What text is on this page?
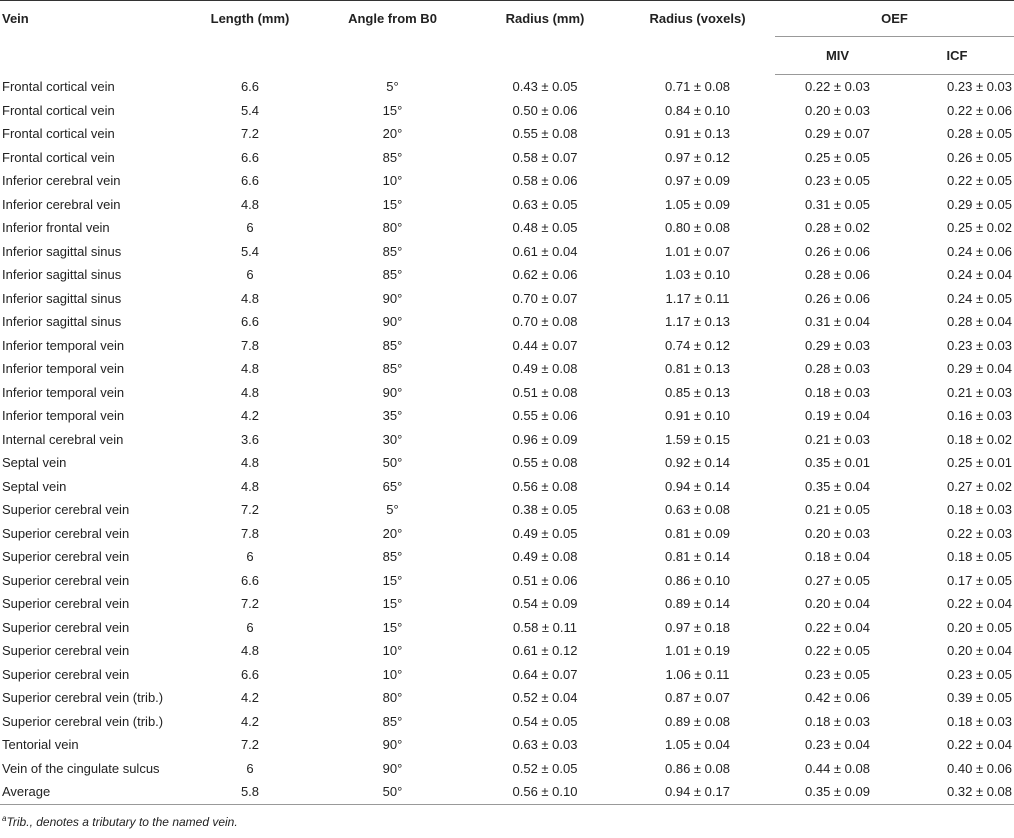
Vein	Length (mm)	Angle from B0	Radius (mm)	Radius (voxels)	OEF	
					MIV	ICF
Frontal cortical vein	6.6	5°	0.43 ± 0.05	0.71 ± 0.08	0.22 ± 0.03	0.23 ± 0.03
Frontal cortical vein	5.4	15°	0.50 ± 0.06	0.84 ± 0.10	0.20 ± 0.03	0.22 ± 0.06
Frontal cortical vein	7.2	20°	0.55 ± 0.08	0.91 ± 0.13	0.29 ± 0.07	0.28 ± 0.05
Frontal cortical vein	6.6	85°	0.58 ± 0.07	0.97 ± 0.12	0.25 ± 0.05	0.26 ± 0.05
Inferior cerebral vein	6.6	10°	0.58 ± 0.06	0.97 ± 0.09	0.23 ± 0.05	0.22 ± 0.05
Inferior cerebral vein	4.8	15°	0.63 ± 0.05	1.05 ± 0.09	0.31 ± 0.05	0.29 ± 0.05
Inferior frontal vein	6	80°	0.48 ± 0.05	0.80 ± 0.08	0.28 ± 0.02	0.25 ± 0.02
Inferior sagittal sinus	5.4	85°	0.61 ± 0.04	1.01 ± 0.07	0.26 ± 0.06	0.24 ± 0.06
Inferior sagittal sinus	6	85°	0.62 ± 0.06	1.03 ± 0.10	0.28 ± 0.06	0.24 ± 0.04
Inferior sagittal sinus	4.8	90°	0.70 ± 0.07	1.17 ± 0.11	0.26 ± 0.06	0.24 ± 0.05
Inferior sagittal sinus	6.6	90°	0.70 ± 0.08	1.17 ± 0.13	0.31 ± 0.04	0.28 ± 0.04
Inferior temporal vein	7.8	85°	0.44 ± 0.07	0.74 ± 0.12	0.29 ± 0.03	0.23 ± 0.03
Inferior temporal vein	4.8	85°	0.49 ± 0.08	0.81 ± 0.13	0.28 ± 0.03	0.29 ± 0.04
Inferior temporal vein	4.8	90°	0.51 ± 0.08	0.85 ± 0.13	0.18 ± 0.03	0.21 ± 0.03
Inferior temporal vein	4.2	35°	0.55 ± 0.06	0.91 ± 0.10	0.19 ± 0.04	0.16 ± 0.03
Internal cerebral vein	3.6	30°	0.96 ± 0.09	1.59 ± 0.15	0.21 ± 0.03	0.18 ± 0.02
Septal vein	4.8	50°	0.55 ± 0.08	0.92 ± 0.14	0.35 ± 0.01	0.25 ± 0.01
Septal vein	4.8	65°	0.56 ± 0.08	0.94 ± 0.14	0.35 ± 0.04	0.27 ± 0.02
Superior cerebral vein	7.2	5°	0.38 ± 0.05	0.63 ± 0.08	0.21 ± 0.05	0.18 ± 0.03
Superior cerebral vein	7.8	20°	0.49 ± 0.05	0.81 ± 0.09	0.20 ± 0.03	0.22 ± 0.03
Superior cerebral vein	6	85°	0.49 ± 0.08	0.81 ± 0.14	0.18 ± 0.04	0.18 ± 0.05
Superior cerebral vein	6.6	15°	0.51 ± 0.06	0.86 ± 0.10	0.27 ± 0.05	0.17 ± 0.05
Superior cerebral vein	7.2	15°	0.54 ± 0.09	0.89 ± 0.14	0.20 ± 0.04	0.22 ± 0.04
Superior cerebral vein	6	15°	0.58 ± 0.11	0.97 ± 0.18	0.22 ± 0.04	0.20 ± 0.05
Superior cerebral vein	4.8	10°	0.61 ± 0.12	1.01 ± 0.19	0.22 ± 0.05	0.20 ± 0.04
Superior cerebral vein	6.6	10°	0.64 ± 0.07	1.06 ± 0.11	0.23 ± 0.05	0.23 ± 0.05
Superior cerebral vein (trib.)	4.2	80°	0.52 ± 0.04	0.87 ± 0.07	0.42 ± 0.06	0.39 ± 0.05
Superior cerebral vein (trib.)	4.2	85°	0.54 ± 0.05	0.89 ± 0.08	0.18 ± 0.03	0.18 ± 0.03
Tentorial vein	7.2	90°	0.63 ± 0.03	1.05 ± 0.04	0.23 ± 0.04	0.22 ± 0.04
Vein of the cingulate sulcus	6	90°	0.52 ± 0.05	0.86 ± 0.08	0.44 ± 0.08	0.40 ± 0.06
Average	5.8	50°	0.56 ± 0.10	0.94 ± 0.17	0.35 ± 0.09	0.32 ± 0.08
$^a$Trib., denotes a tributary to the named vein.
